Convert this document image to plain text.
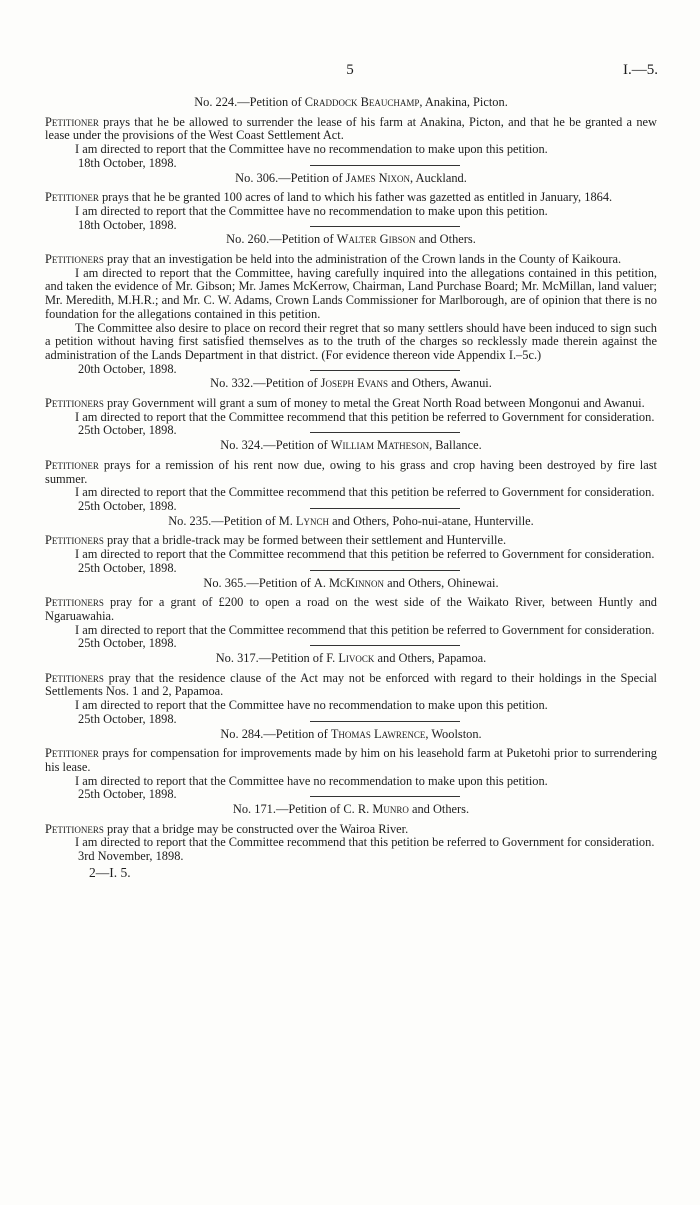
5	I.—5.
No. 224.—Petition of Craddock Beauchamp, Anakina, Picton.

Petitioner prays that he be allowed to surrender the lease of his farm at Anakina, Picton, and that he be granted a new lease under the provisions of the West Coast Settlement Act.

I am directed to report that the Committee have no recommendation to make upon this petition.

18th October, 1898.

No. 306.—Petition of James Nixon, Auckland.

Petitioner prays that he be granted 100 acres of land to which his father was gazetted as entitled in January, 1864.

I am directed to report that the Committee have no recommendation to make upon this petition.

18th October, 1898.

No. 260.—Petition of Walter Gibson and Others.

Petitioners pray that an investigation be held into the administration of the Crown lands in the County of Kaikoura.

I am directed to report that the Committee, having carefully inquired into the allegations contained in this petition, and taken the evidence of Mr. Gibson; Mr. James McKerrow, Chairman, Land Purchase Board; Mr. McMillan, land valuer; Mr. Meredith, M.H.R.; and Mr. C. W. Adams, Crown Lands Commissioner for Marlborough, are of opinion that there is no foundation for the allegations contained in this petition.

The Committee also desire to place on record their regret that so many settlers should have been induced to sign such a petition without having first satisfied themselves as to the truth of the charges so recklessly made therein against the administration of the Lands Department in that district. (For evidence thereon vide Appendix I.–5c.)

20th October, 1898.

No. 332.—Petition of Joseph Evans and Others, Awanui.

Petitioners pray Government will grant a sum of money to metal the Great North Road between Mongonui and Awanui.

I am directed to report that the Committee recommend that this petition be referred to Government for consideration.

25th October, 1898.

No. 324.—Petition of William Matheson, Ballance.

Petitioner prays for a remission of his rent now due, owing to his grass and crop having been destroyed by fire last summer.

I am directed to report that the Committee recommend that this petition be referred to Government for consideration.

25th October, 1898.

No. 235.—Petition of M. Lynch and Others, Poho-nui-atane, Hunterville.

Petitioners pray that a bridle-track may be formed between their settlement and Hunterville.

I am directed to report that the Committee recommend that this petition be referred to Government for consideration.

25th October, 1898.

No. 365.—Petition of A. McKinnon and Others, Ohinewai.

Petitioners pray for a grant of £200 to open a road on the west side of the Waikato River, between Huntly and Ngaruawahia.

I am directed to report that the Committee recommend that this petition be referred to Government for consideration.

25th October, 1898.

No. 317.—Petition of F. Livock and Others, Papamoa.

Petitioners pray that the residence clause of the Act may not be enforced with regard to their holdings in the Special Settlements Nos. 1 and 2, Papamoa.

I am directed to report that the Committee have no recommendation to make upon this petition.

25th October, 1898.

No. 284.—Petition of Thomas Lawrence, Woolston.

Petitioner prays for compensation for improvements made by him on his leasehold farm at Puketohi prior to surrendering his lease.

I am directed to report that the Committee have no recommendation to make upon this petition.

25th October, 1898.

No. 171.—Petition of C. R. Munro and Others.

Petitioners pray that a bridge may be constructed over the Wairoa River.

I am directed to report that the Committee recommend that this petition be referred to Government for consideration.

3rd November, 1898.

2—I. 5.
